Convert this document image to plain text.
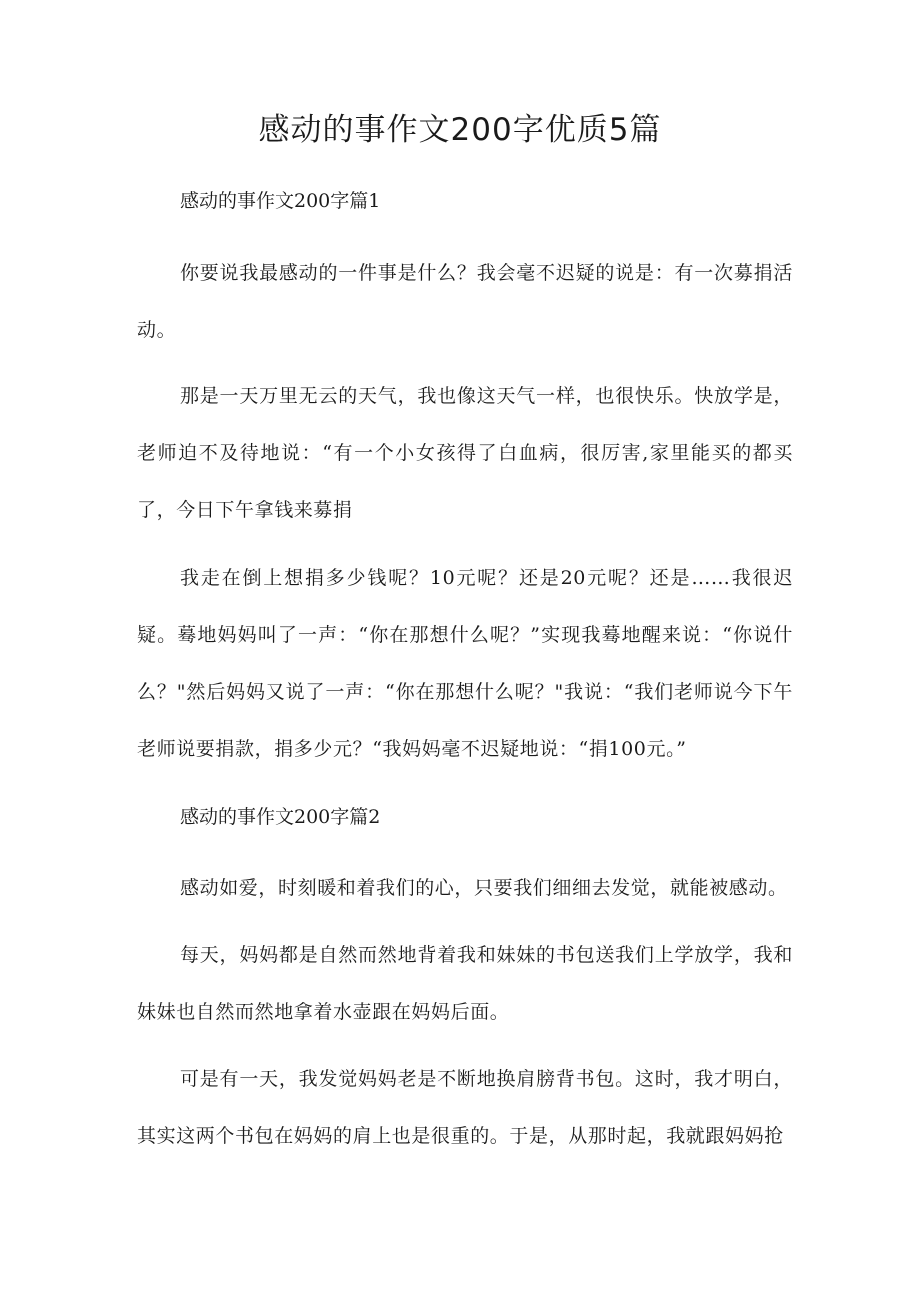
感动的事作文200字优质5篇
感动的事作文200字篇1
你要说我最感动的一件事是什么？我会毫不迟疑的说是：有一次募捐活动。
那是一天万里无云的天气，我也像这天气一样，也很快乐。快放学是，老师迫不及待地说：“有一个小女孩得了白血病，很厉害,家里能买的都买了，今日下午拿钱来募捐
我走在倒上想捐多少钱呢？10元呢？还是20元呢？还是……我很迟疑。蓦地妈妈叫了一声：“你在那想什么呢？”实现我蓦地醒来说：“你说什么？"然后妈妈又说了一声：“你在那想什么呢？"我说：“我们老师说今下午老师说要捐款，捐多少元？“我妈妈毫不迟疑地说：“捐100元。”
感动的事作文200字篇2
感动如爱，时刻暖和着我们的心，只要我们细细去发觉，就能被感动。
每天，妈妈都是自然而然地背着我和妹妹的书包送我们上学放学，我和妹妹也自然而然地拿着水壶跟在妈妈后面。
可是有一天，我发觉妈妈老是不断地换肩膀背书包。这时，我才明白，其实这两个书包在妈妈的肩上也是很重的。于是，从那时起，我就跟妈妈抢
